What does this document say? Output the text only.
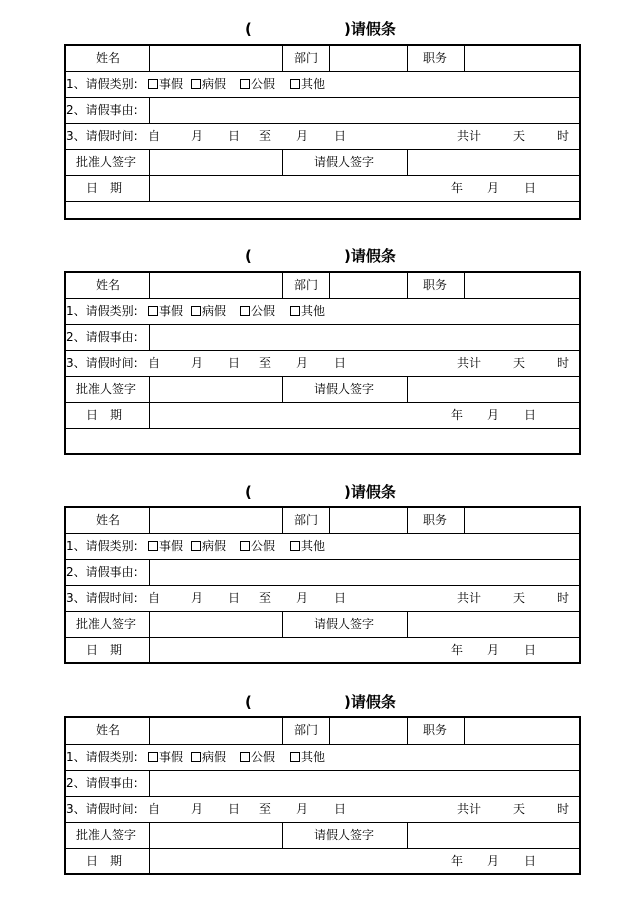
(	)请假条
姓名	部门	职务
1、请假类别:	事假	病假	公假	其他
2、请假事由:
3、请假时间: 自	月 日 至 月 日	共计	天	时
批准人签字	请假人签字
日　期	年 月 日
(	)请假条
姓名	部门	职务
1、请假类别:	事假	病假	公假	其他
2、请假事由:
3、请假时间: 自	月 日 至 月 日	共计	天	时
批准人签字	请假人签字
日　期	年 月 日
(	)请假条
姓名	部门	职务
1、请假类别:	事假	病假	公假	其他
2、请假事由:
3、请假时间: 自	月 日 至 月 日	共计	天	时
批准人签字	请假人签字
日　期	年 月 日
(	)请假条
姓名	部门	职务
1、请假类别:	事假	病假	公假	其他
2、请假事由:
3、请假时间: 自	月 日 至 月 日	共计	天	时
批准人签字	请假人签字
日　期	年 月 日
